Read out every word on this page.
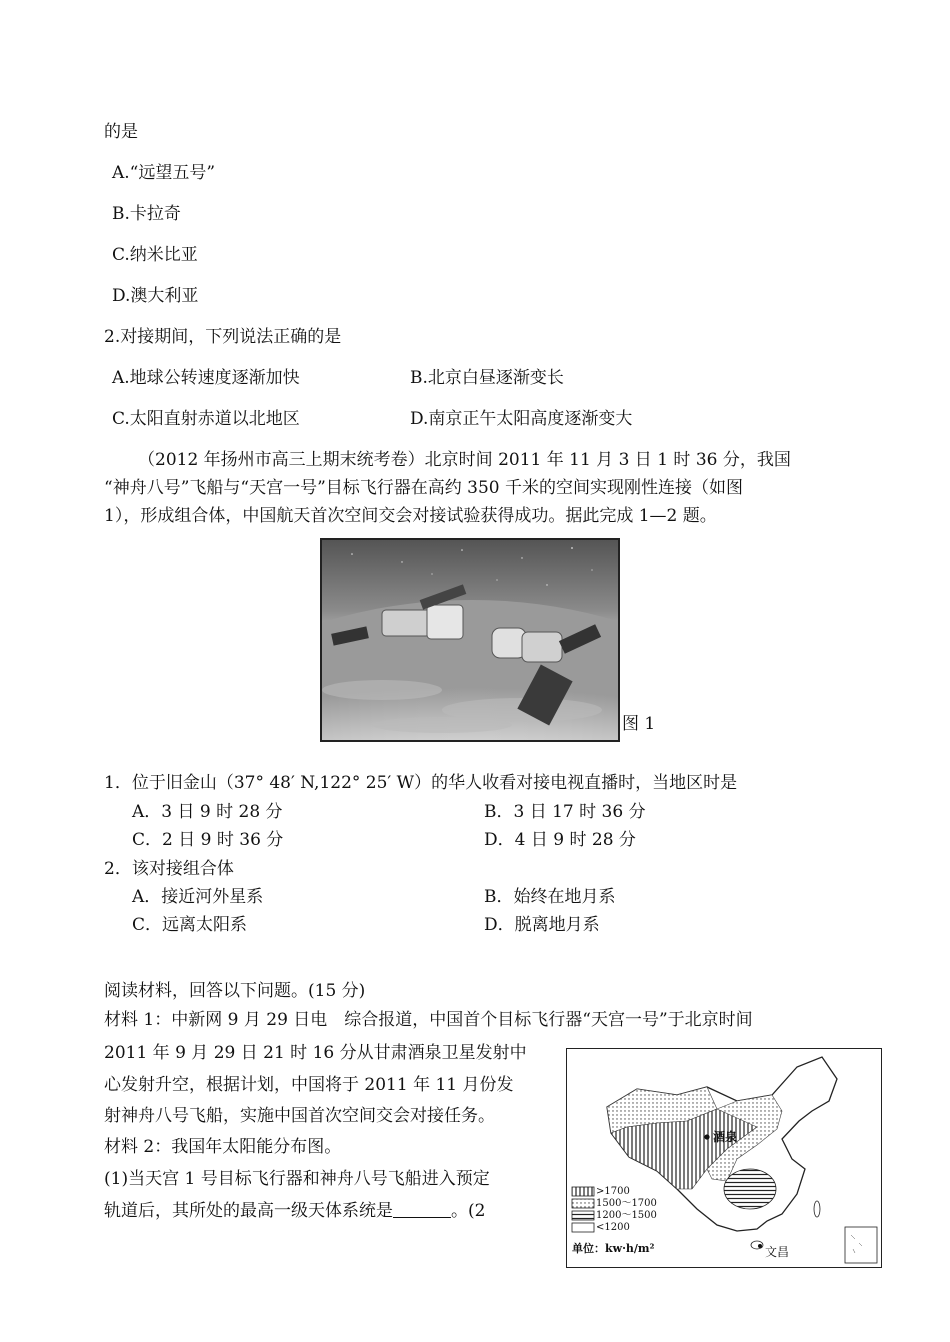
的是
A.“远望五号”
B.卡拉奇
C.纳米比亚
D.澳大利亚
2.对接期间，下列说法正确的是
A.地球公转速度逐渐加快	B.北京白昼逐渐变长
C.太阳直射赤道以北地区	D.南京正午太阳高度逐渐变大
（2012 年扬州市高三上期末统考卷）北京时间 2011 年 11 月 3 日 1 时 36 分，我国
“神舟八号”飞船与“天宫一号”目标飞行器在高约 350 千米的空间实现刚性连接（如图
1），形成组合体，中国航天首次空间交会对接试验获得成功。据此完成 1—2 题。
图 1
1．位于旧金山（37° 48′ N,122° 25′ W）的华人收看对接电视直播时，当地区时是
A．3 日 9 时 28 分	B．3 日 17 时 36 分
C．2 日 9 时 36 分	D．4 日 9 时 28 分
2．该对接组合体
A．接近河外星系	B．始终在地月系
C．远离太阳系	D．脱离地月系
阅读材料，回答以下问题。(15 分)
材料 1：中新网 9 月 29 日电　综合报道，中国首个目标飞行器“天宫一号”于北京时间
2011 年 9 月 29 日 21 时 16 分从甘肃酒泉卫星发射中
心发射升空，根据计划，中国将于 2011 年 11 月份发
射神舟八号飞船，实施中国首次空间交会对接任务。
材料 2：我国年太阳能分布图。
(1)当天宫 1 号目标飞行器和神舟八号飞船进入预定
轨道后，其所处的最高一级天体系统是	。(2
>1700
1500～1700
1200～1500
<1200
单位：kw·h/m²
酒泉
文昌
